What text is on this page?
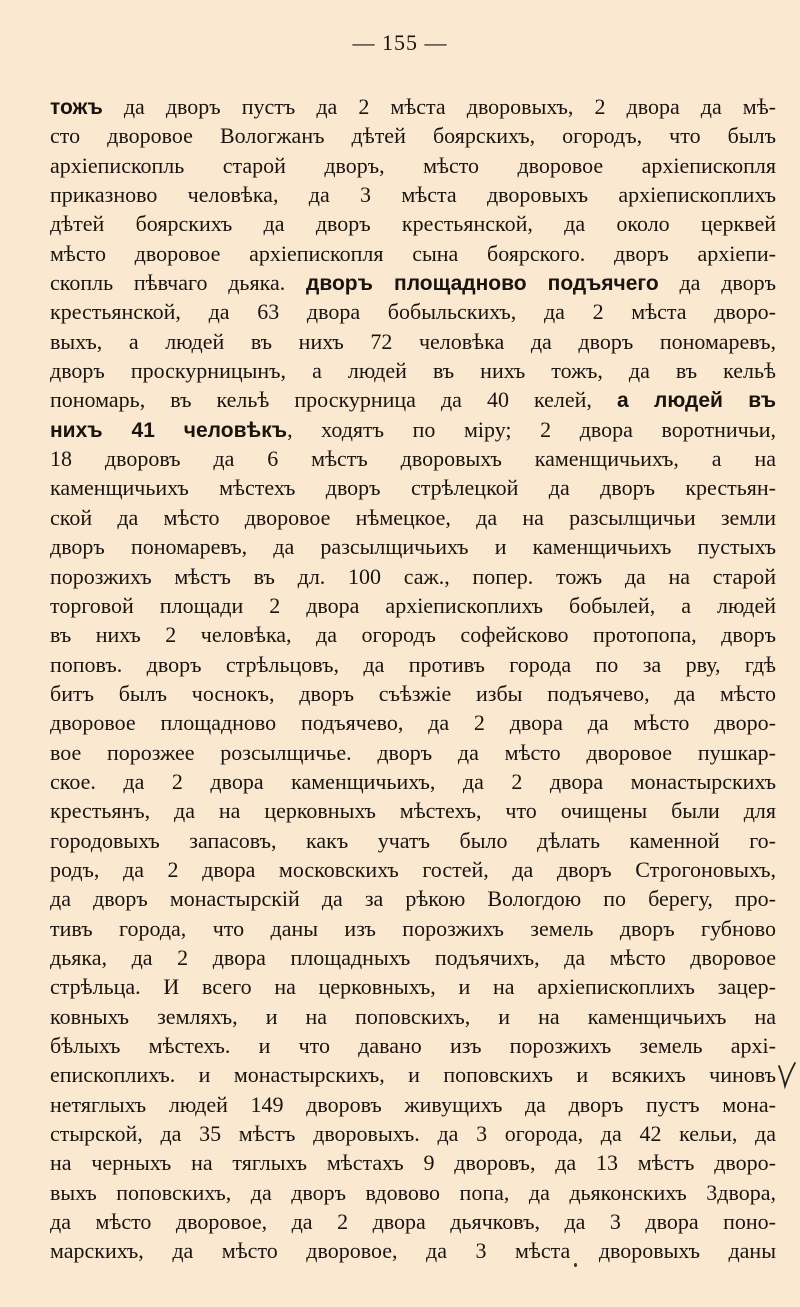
— 155 —
тожъ да дворъ пустъ да 2 мѣста дворовыхъ, 2 двора да мѣ-
сто дворовое Вологжанъ дѣтей боярскихъ, огородъ, что былъ
архіепископль старой дворъ, мѣсто дворовое архіепископля
приказново человѣка, да 3 мѣста дворовыхъ архіепископлихъ
дѣтей боярскихъ да дворъ крестьянской, да около церквей
мѣсто дворовое архіепископля сына боярского. дворъ архіепи-
скопль пѣвчаго дьяка. дворъ площадново подъячего да дворъ
крестьянской, да 63 двора бобыльскихъ, да 2 мѣста дворо-
выхъ, а людей въ нихъ 72 человѣка да дворъ пономаревъ,
дворъ проскурницынъ, а людей въ нихъ тожъ, да въ кельѣ
пономарь, въ кельѣ проскурница да 40 келей, а людей въ
нихъ 41 человѣкъ, ходятъ по міру; 2 двора воротничьи,
18 дворовъ да 6 мѣстъ дворовыхъ каменщичьихъ, а на
каменщичьихъ мѣстехъ дворъ стрѣлецкой да дворъ крестьян-
ской да мѣсто дворовое нѣмецкое, да на разсылщичьи земли
дворъ пономаревъ, да разсылщичьихъ и каменщичьихъ пустыхъ
порозжихъ мѣстъ въ дл. 100 саж., попер. тожъ да на старой
торговой площади 2 двора архіепископлихъ бобылей, а людей
въ нихъ 2 человѣка, да огородъ софейсково протопопа, дворъ
поповъ. дворъ стрѣльцовъ, да противъ города по за рву, гдѣ
битъ былъ чоснокъ, дворъ съѣзжіе избы подъячево, да мѣсто
дворовое площадново подъячево, да 2 двора да мѣсто дворо-
вое порозжее розсылщичье. дворъ да мѣсто дворовое пушкар-
ское. да 2 двора каменщичьихъ, да 2 двора монастырскихъ
крестьянъ, да на церковныхъ мѣстехъ, что очищены были для
городовыхъ запасовъ, какъ учатъ было дѣлать каменной го-
родъ, да 2 двора московскихъ гостей, да дворъ Строгоновыхъ,
да дворъ монастырскій да за рѣкою Вологдою по берегу, про-
тивъ города, что даны изъ порозжихъ земель дворъ губново
дьяка, да 2 двора площадныхъ подъячихъ, да мѣсто дворовое
стрѣльца. И всего на церковныхъ, и на архіепископлихъ зацер-
ковныхъ земляхъ, и на поповскихъ, и на каменщичьихъ на
бѣлыхъ мѣстехъ. и что давано изъ порозжихъ земель архі-
епископлихъ. и монастырскихъ, и поповскихъ и всякихъ чиновъ
нетяглыхъ людей 149 дворовъ живущихъ да дворъ пустъ мона-
стырской, да 35 мѣстъ дворовыхъ. да 3 огорода, да 42 кельи, да
на черныхъ на тяглыхъ мѣстахъ 9 дворовъ, да 13 мѣстъ дворо-
выхъ поповскихъ, да дворъ вдовово попа, да дьяконскихъ 3двора,
да мѣсто дворовое, да 2 двора дьячковъ, да 3 двора поно-
марскихъ, да мѣсто дворовое, да 3 мѣста дворовыхъ даны
